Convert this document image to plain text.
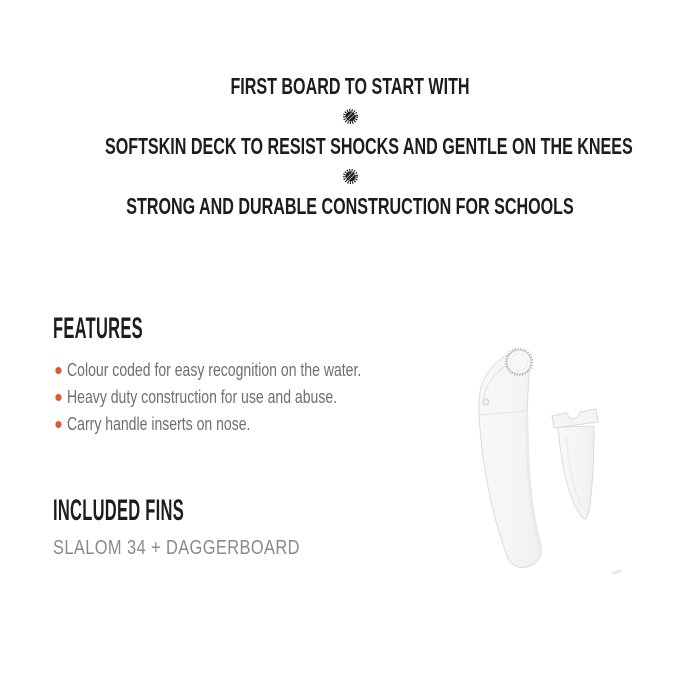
FIRST BOARD TO START WITH
SOFTSKIN DECK TO RESIST SHOCKS AND GENTLE ON THE KNEES
STRONG AND DURABLE CONSTRUCTION FOR SCHOOLS
FEATURES
Colour coded for easy recognition on the water.
Heavy duty construction for use and abuse.
Carry handle inserts on nose.
INCLUDED FINS
SLALOM 34 + DAGGERBOARD
